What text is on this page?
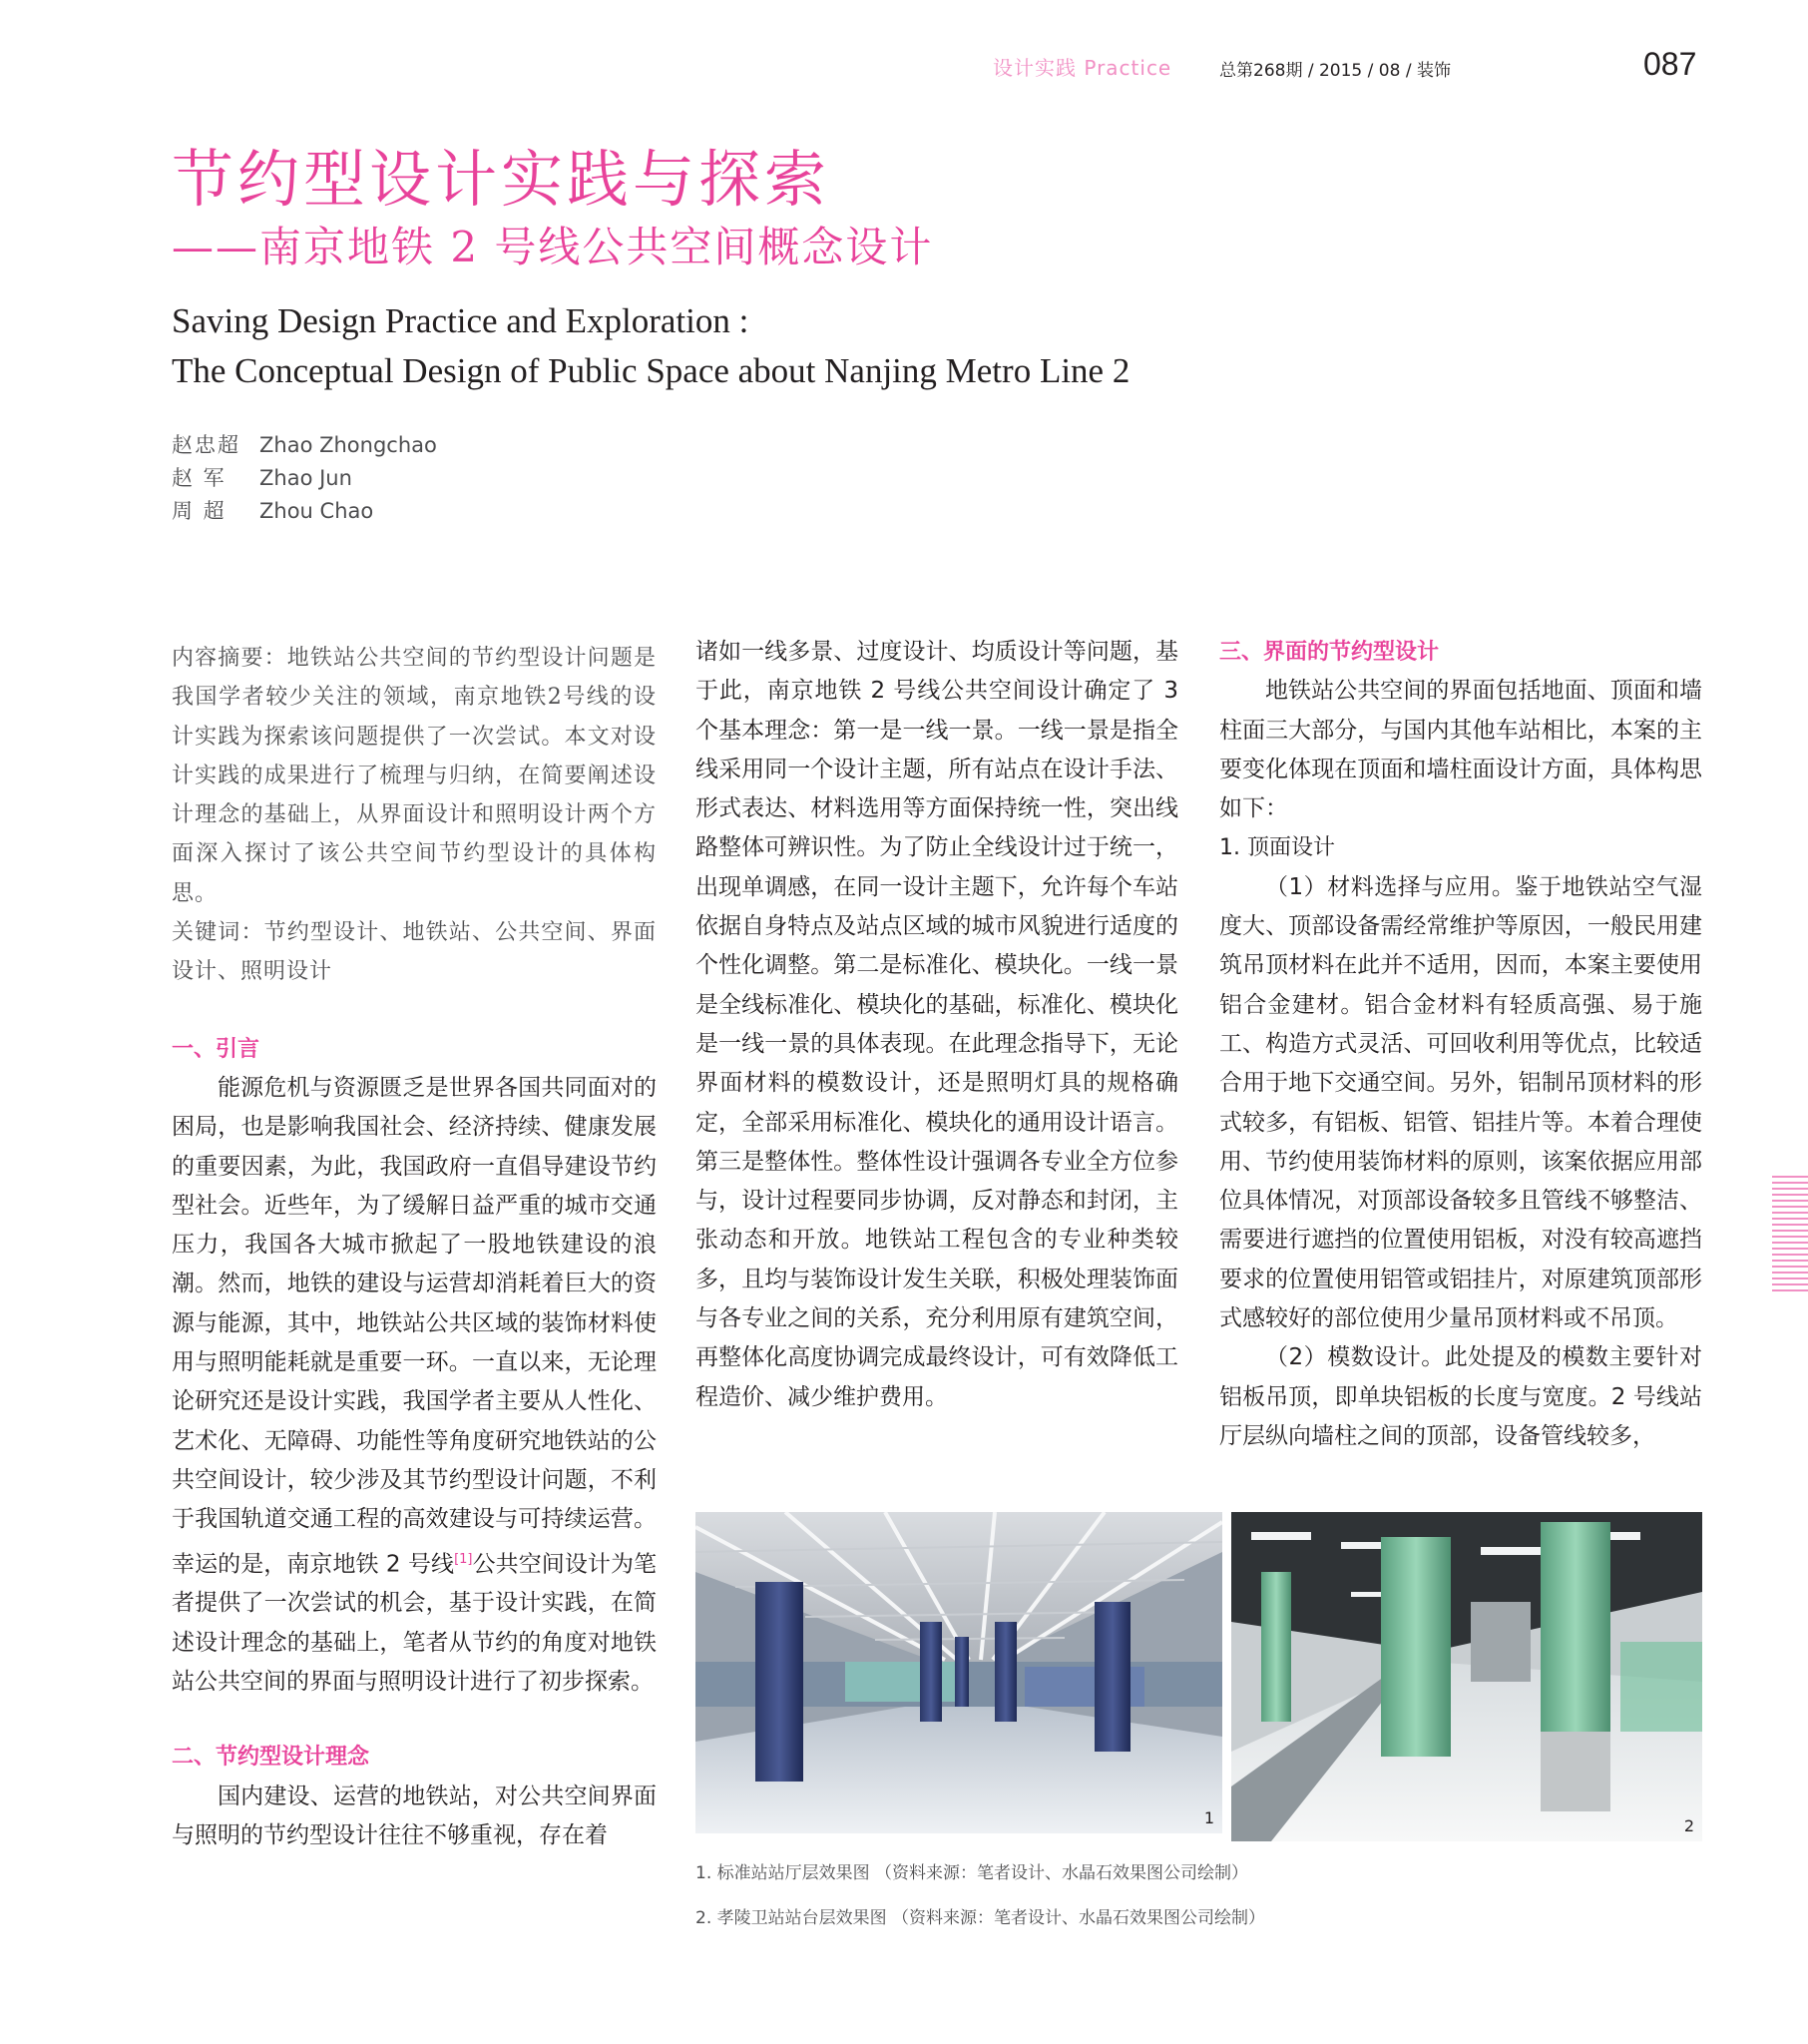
设计实践 Practice	总第268期 / 2015 / 08 / 装饰	087
节约型设计实践与探索
——南京地铁 2 号线公共空间概念设计
Saving Design Practice and Exploration :
The Conceptual Design of Public Space about Nanjing Metro Line 2
赵忠超 Zhao Zhongchao
赵 军 Zhao Jun
周 超 Zhou Chao

内容摘要：地铁站公共空间的节约型设计问题是我国学者较少关注的领域，南京地铁2号线的设计实践为探索该问题提供了一次尝试。本文对设计实践的成果进行了梳理与归纳，在简要阐述设计理念的基础上，从界面设计和照明设计两个方面深入探讨了该公共空间节约型设计的具体构思。

关键词：节约型设计、地铁站、公共空间、界面设计、照明设计

一、引言

能源危机与资源匮乏是世界各国共同面对的困局，也是影响我国社会、经济持续、健康发展的重要因素，为此，我国政府一直倡导建设节约型社会。近些年，为了缓解日益严重的城市交通压力，我国各大城市掀起了一股地铁建设的浪潮。然而，地铁的建设与运营却消耗着巨大的资源与能源，其中，地铁站公共区域的装饰材料使用与照明能耗就是重要一环。一直以来，无论理论研究还是设计实践，我国学者主要从人性化、艺术化、无障碍、功能性等角度研究地铁站的公共空间设计，较少涉及其节约型设计问题，不利于我国轨道交通工程的高效建设与可持续运营。幸运的是，南京地铁 2 号线[1]公共空间设计为笔者提供了一次尝试的机会，基于设计实践，在简述设计理念的基础上，笔者从节约的角度对地铁站公共空间的界面与照明设计进行了初步探索。

二、节约型设计理念

国内建设、运营的地铁站，对公共空间界面与照明的节约型设计往往不够重视，存在着

诸如一线多景、过度设计、均质设计等问题，基于此，南京地铁 2 号线公共空间设计确定了 3 个基本理念：第一是一线一景。一线一景是指全线采用同一个设计主题，所有站点在设计手法、形式表达、材料选用等方面保持统一性，突出线路整体可辨识性。为了防止全线设计过于统一，出现单调感，在同一设计主题下，允许每个车站依据自身特点及站点区域的城市风貌进行适度的个性化调整。第二是标准化、模块化。一线一景是全线标准化、模块化的基础，标准化、模块化是一线一景的具体表现。在此理念指导下，无论界面材料的模数设计，还是照明灯具的规格确定，全部采用标准化、模块化的通用设计语言。第三是整体性。整体性设计强调各专业全方位参与，设计过程要同步协调，反对静态和封闭，主张动态和开放。地铁站工程包含的专业种类较多，且均与装饰设计发生关联，积极处理装饰面与各专业之间的关系，充分利用原有建筑空间，再整体化高度协调完成最终设计，可有效降低工程造价、减少维护费用。

三、界面的节约型设计

地铁站公共空间的界面包括地面、顶面和墙柱面三大部分，与国内其他车站相比，本案的主要变化体现在顶面和墙柱面设计方面，具体构思如下：

1. 顶面设计

（1）材料选择与应用。鉴于地铁站空气湿度大、顶部设备需经常维护等原因，一般民用建筑吊顶材料在此并不适用，因而，本案主要使用铝合金建材。铝合金材料有轻质高强、易于施工、构造方式灵活、可回收利用等优点，比较适合用于地下交通空间。另外，铝制吊顶材料的形式较多，有铝板、铝管、铝挂片等。本着合理使用、节约使用装饰材料的原则，该案依据应用部位具体情况，对顶部设备较多且管线不够整洁、需要进行遮挡的位置使用铝板，对没有较高遮挡要求的位置使用铝管或铝挂片，对原建筑顶部形式感较好的部位使用少量吊顶材料或不吊顶。

（2）模数设计。此处提及的模数主要针对铝板吊顶，即单块铝板的长度与宽度。2 号线站厅层纵向墙柱之间的顶部，设备管线较多，

1	2
1. 标准站站厅层效果图 （资料来源：笔者设计、水晶石效果图公司绘制）
2. 孝陵卫站站台层效果图 （资料来源：笔者设计、水晶石效果图公司绘制）
